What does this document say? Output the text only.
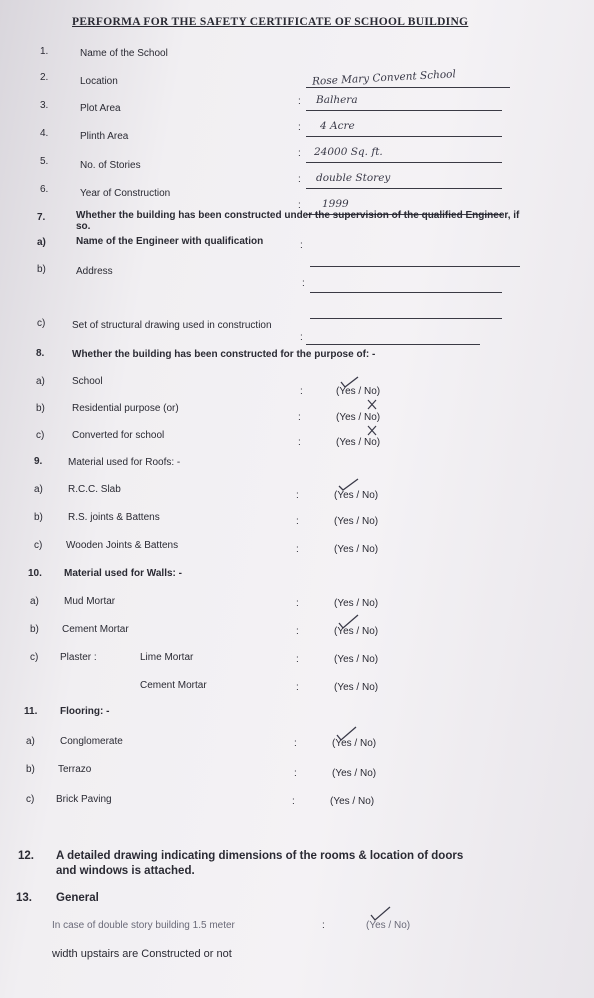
PERFORMA FOR THE SAFETY CERTIFICATE OF SCHOOL BUILDING
1.	Name of the School
Rose Mary Convent School
2.	Location
: Balhera
3.	Plot Area
: 4 Acre
4.	Plinth Area
: 24000 Sq. ft.
5.	No. of Stories
: double Storey
6.	Year of Construction
: 1999
7.	Whether the building has been constructed under the supervision of the qualified Engineer, if so.
a)	Name of the Engineer with qualification	:
b)	Address
:
c)	Set of structural drawing used in construction
:
8.	Whether the building has been constructed for the purpose of: -
a)	School
:	(Yes / No)
b)	Residential purpose (or)
:	(Yes / No)
c)	Converted for school
:	(Yes / No)
9.	Material used for Roofs: -
a)	R.C.C. Slab
:	(Yes / No)
b)	R.S. joints & Battens	:	(Yes / No)
c) Wooden Joints & Battens	:	(Yes / No)
10. Material used for Walls: -
a)	Mud Mortar	:	(Yes / No)
b) Cement Mortar	:	(Yes / No)
c) Plaster :	Lime Mortar	:	(Yes / No)
Cement Mortar	:	(Yes / No)
11. Flooring: -
a)	Conglomerate	:	(Yes / No)
b) Terrazo	:	(Yes / No)
c) Brick Paving	:	(Yes / No)
12. A detailed drawing indicating dimensions of the rooms & location of doors
and windows is attached.
13. General
In case of double story building 1.5 meter	:	(Yes / No)
width upstairs are Constructed or not
